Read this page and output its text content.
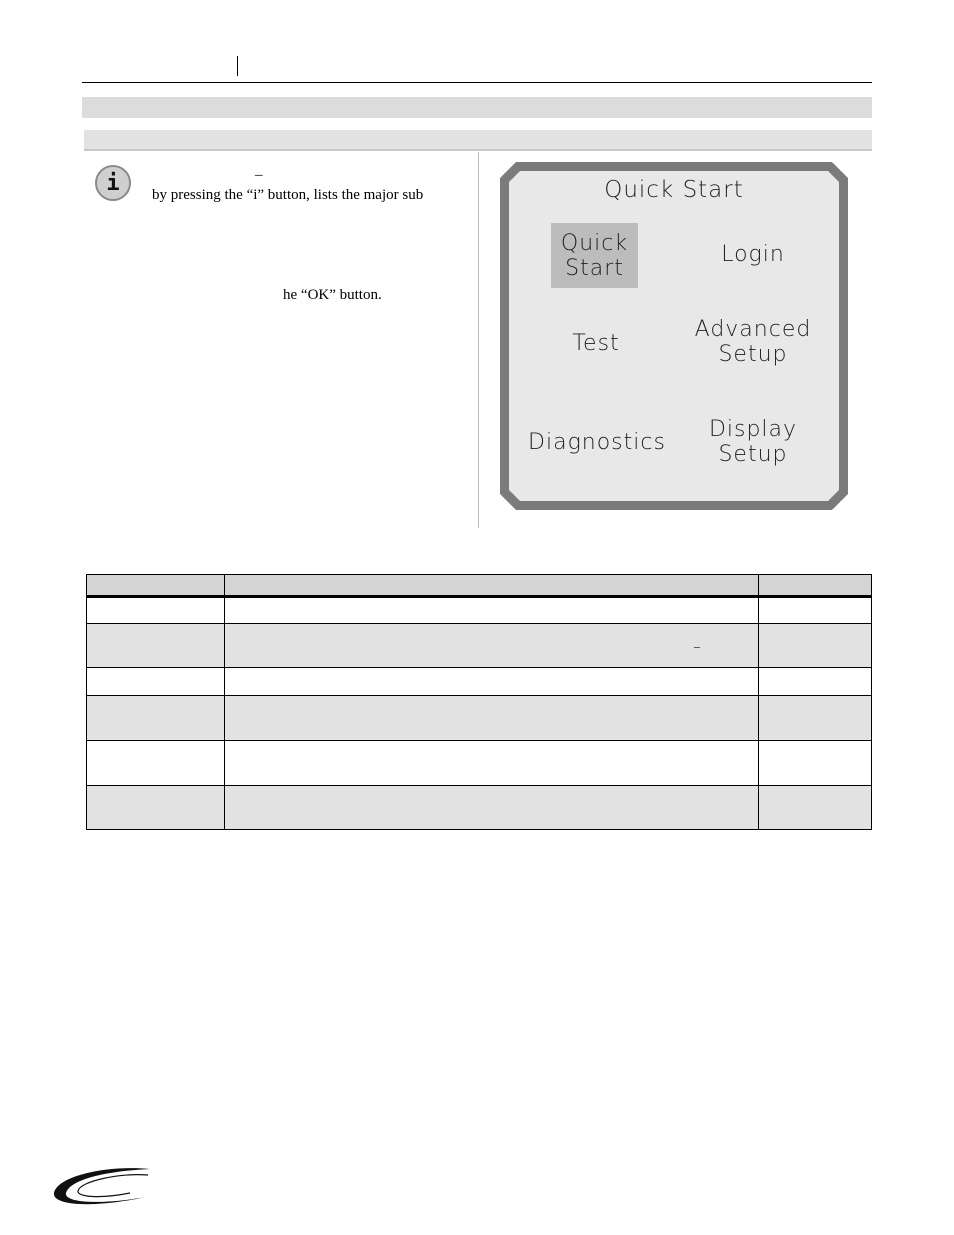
i	–
by pressing the “i” button, lists the major sub
he “OK” button.
Quick Start
Quick
Start
Login
Test
Advanced
Setup
Diagnostics
Display
Setup

	–	
